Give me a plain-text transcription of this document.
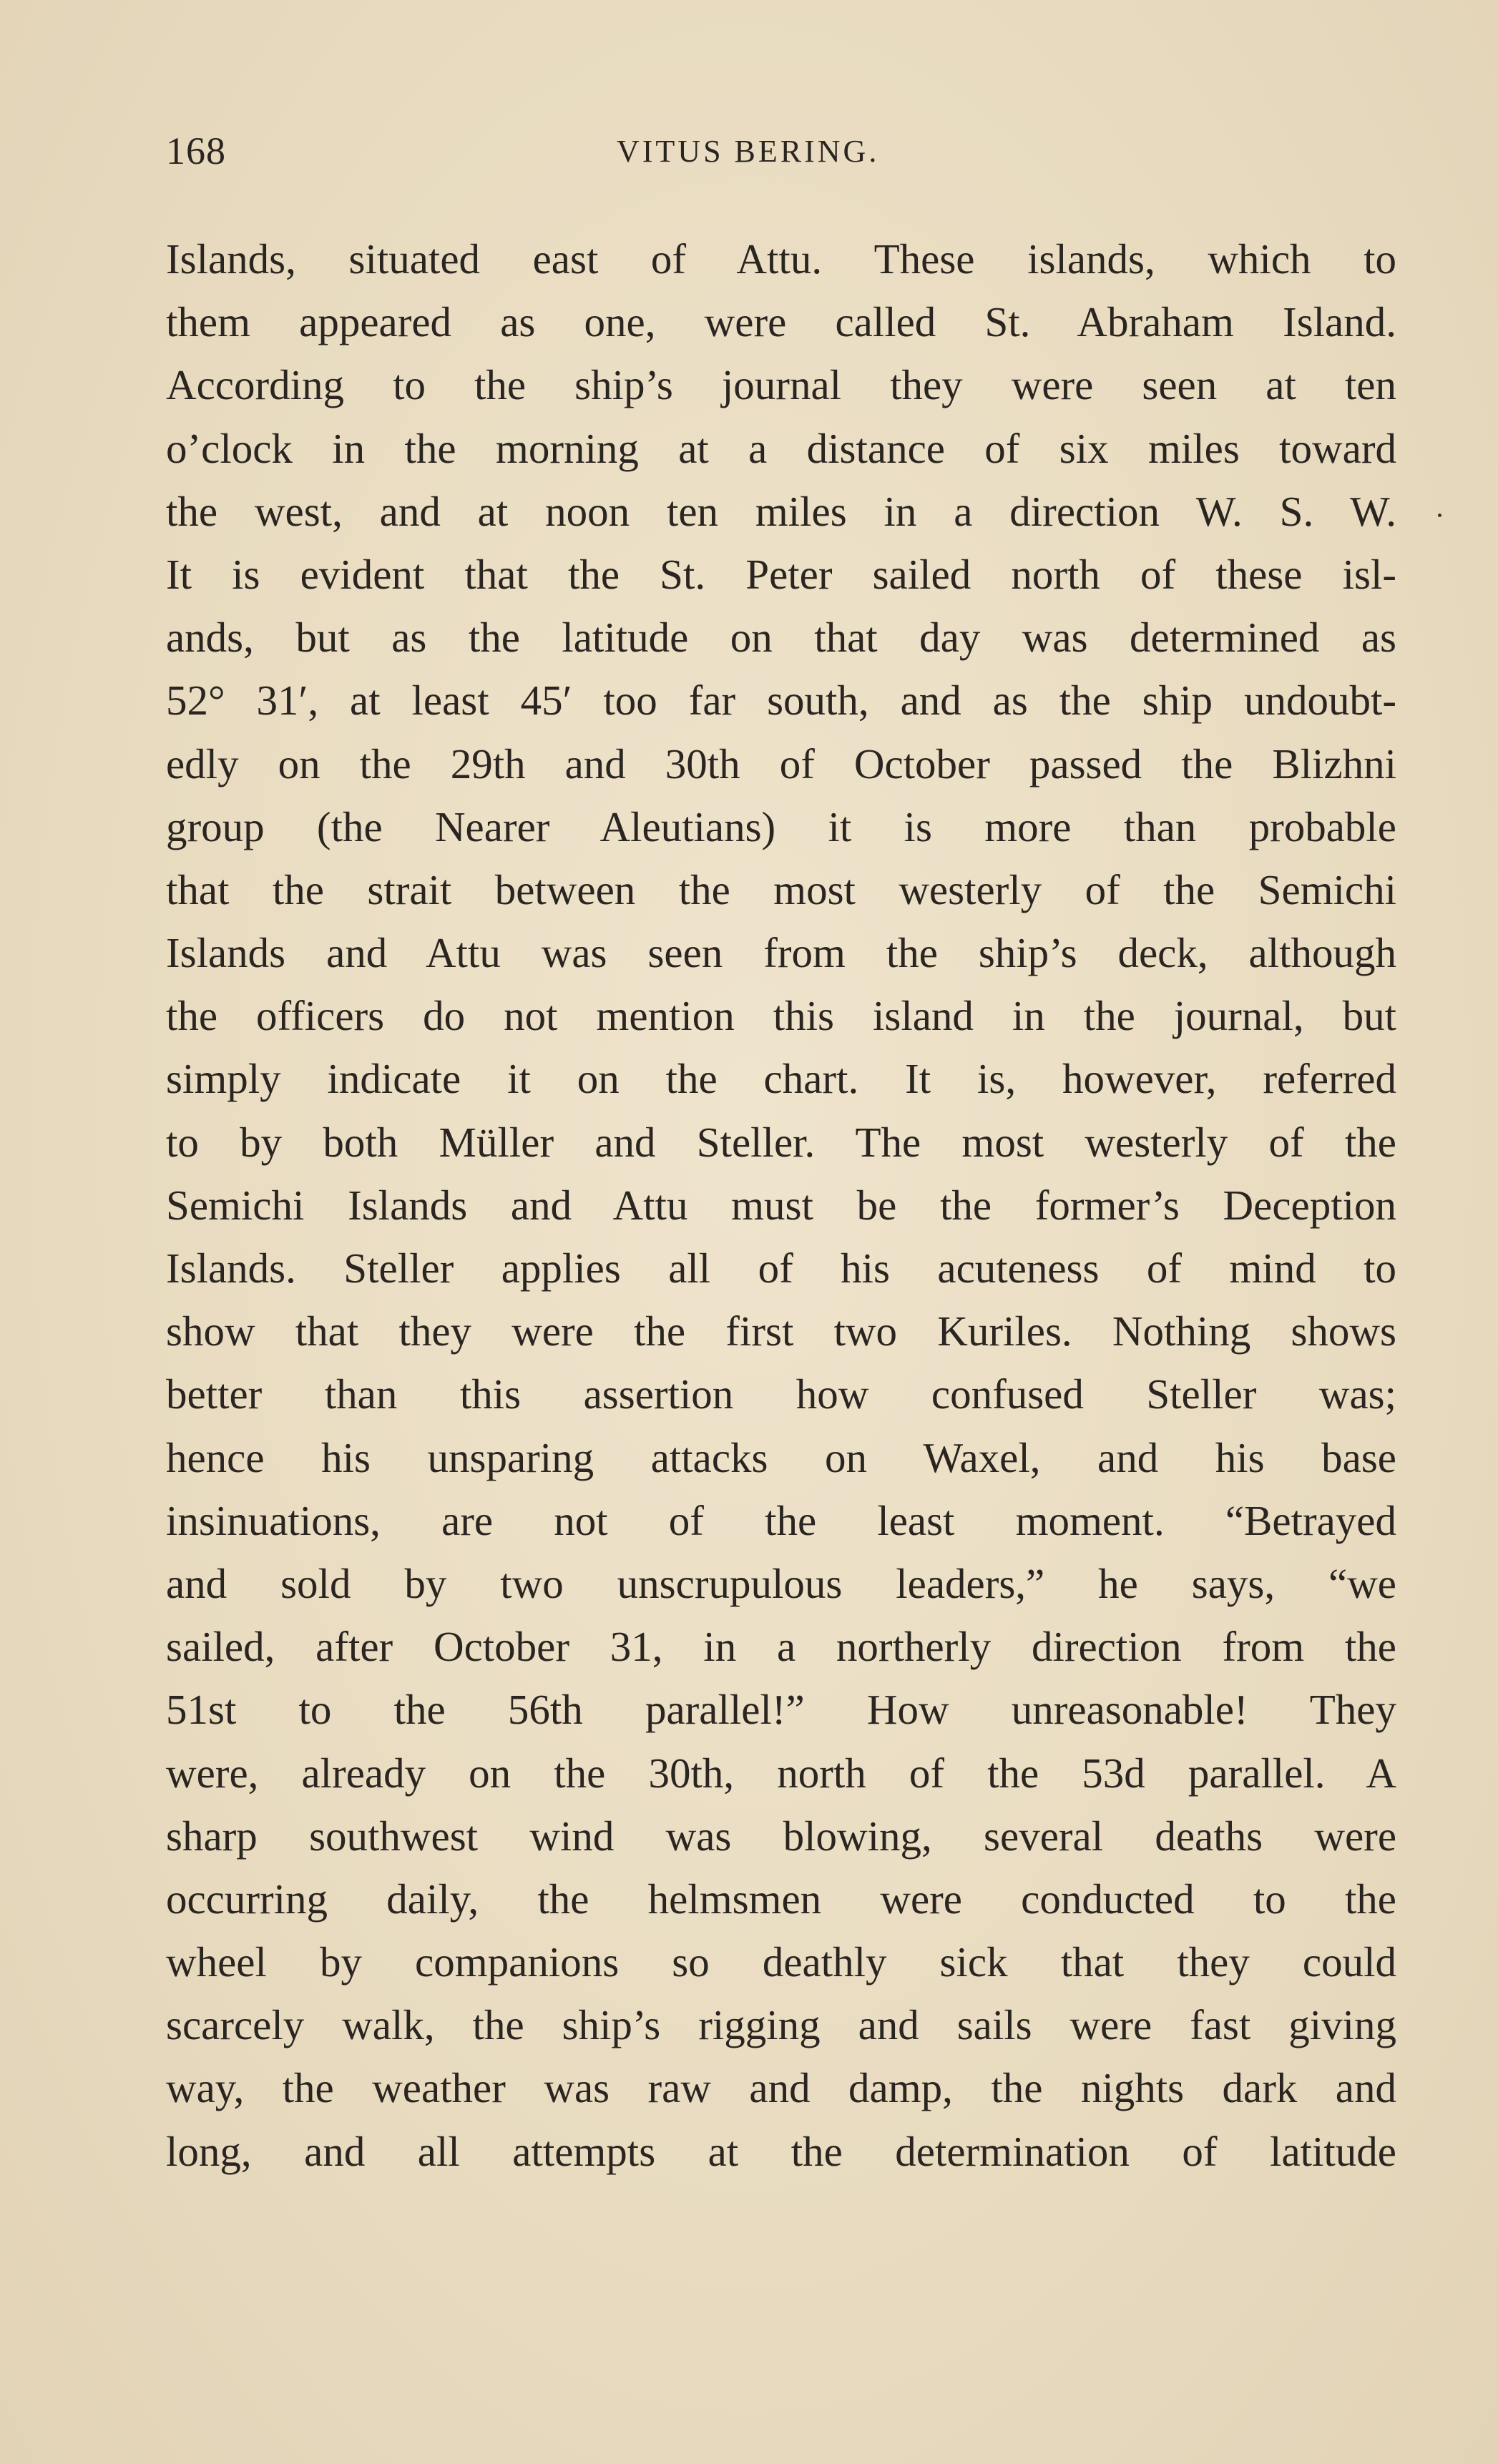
168	VITUS BERING.
Islands, situated east of Attu. These islands, which to
them appeared as one, were called St. Abraham Island.
According to the ship’s journal they were seen at ten
o’clock in the morning at a distance of six miles toward
the west, and at noon ten miles in a direction W. S. W.
It is evident that the St. Peter sailed north of these isl-
ands, but as the latitude on that day was determined as
52° 31′, at least 45′ too far south, and as the ship undoubt-
edly on the 29th and 30th of October passed the Blizhni
group (the Nearer Aleutians) it is more than probable
that the strait between the most westerly of the Semichi
Islands and Attu was seen from the ship’s deck, although
the officers do not mention this island in the journal, but
simply indicate it on the chart. It is, however, referred
to by both Müller and Steller. The most westerly of the
Semichi Islands and Attu must be the former’s Deception
Islands. Steller applies all of his acuteness of mind to
show that they were the first two Kuriles. Nothing shows
better than this assertion how confused Steller was;
hence his unsparing attacks on Waxel, and his base
insinuations, are not of the least moment. “Betrayed
and sold by two unscrupulous leaders,” he says, “we
sailed, after October 31, in a northerly direction from the
51st to the 56th parallel!” How unreasonable! They
were, already on the 30th, north of the 53d parallel. A
sharp southwest wind was blowing, several deaths were
occurring daily, the helmsmen were conducted to the
wheel by companions so deathly sick that they could
scarcely walk, the ship’s rigging and sails were fast giving
way, the weather was raw and damp, the nights dark and
long, and all attempts at the determination of latitude
